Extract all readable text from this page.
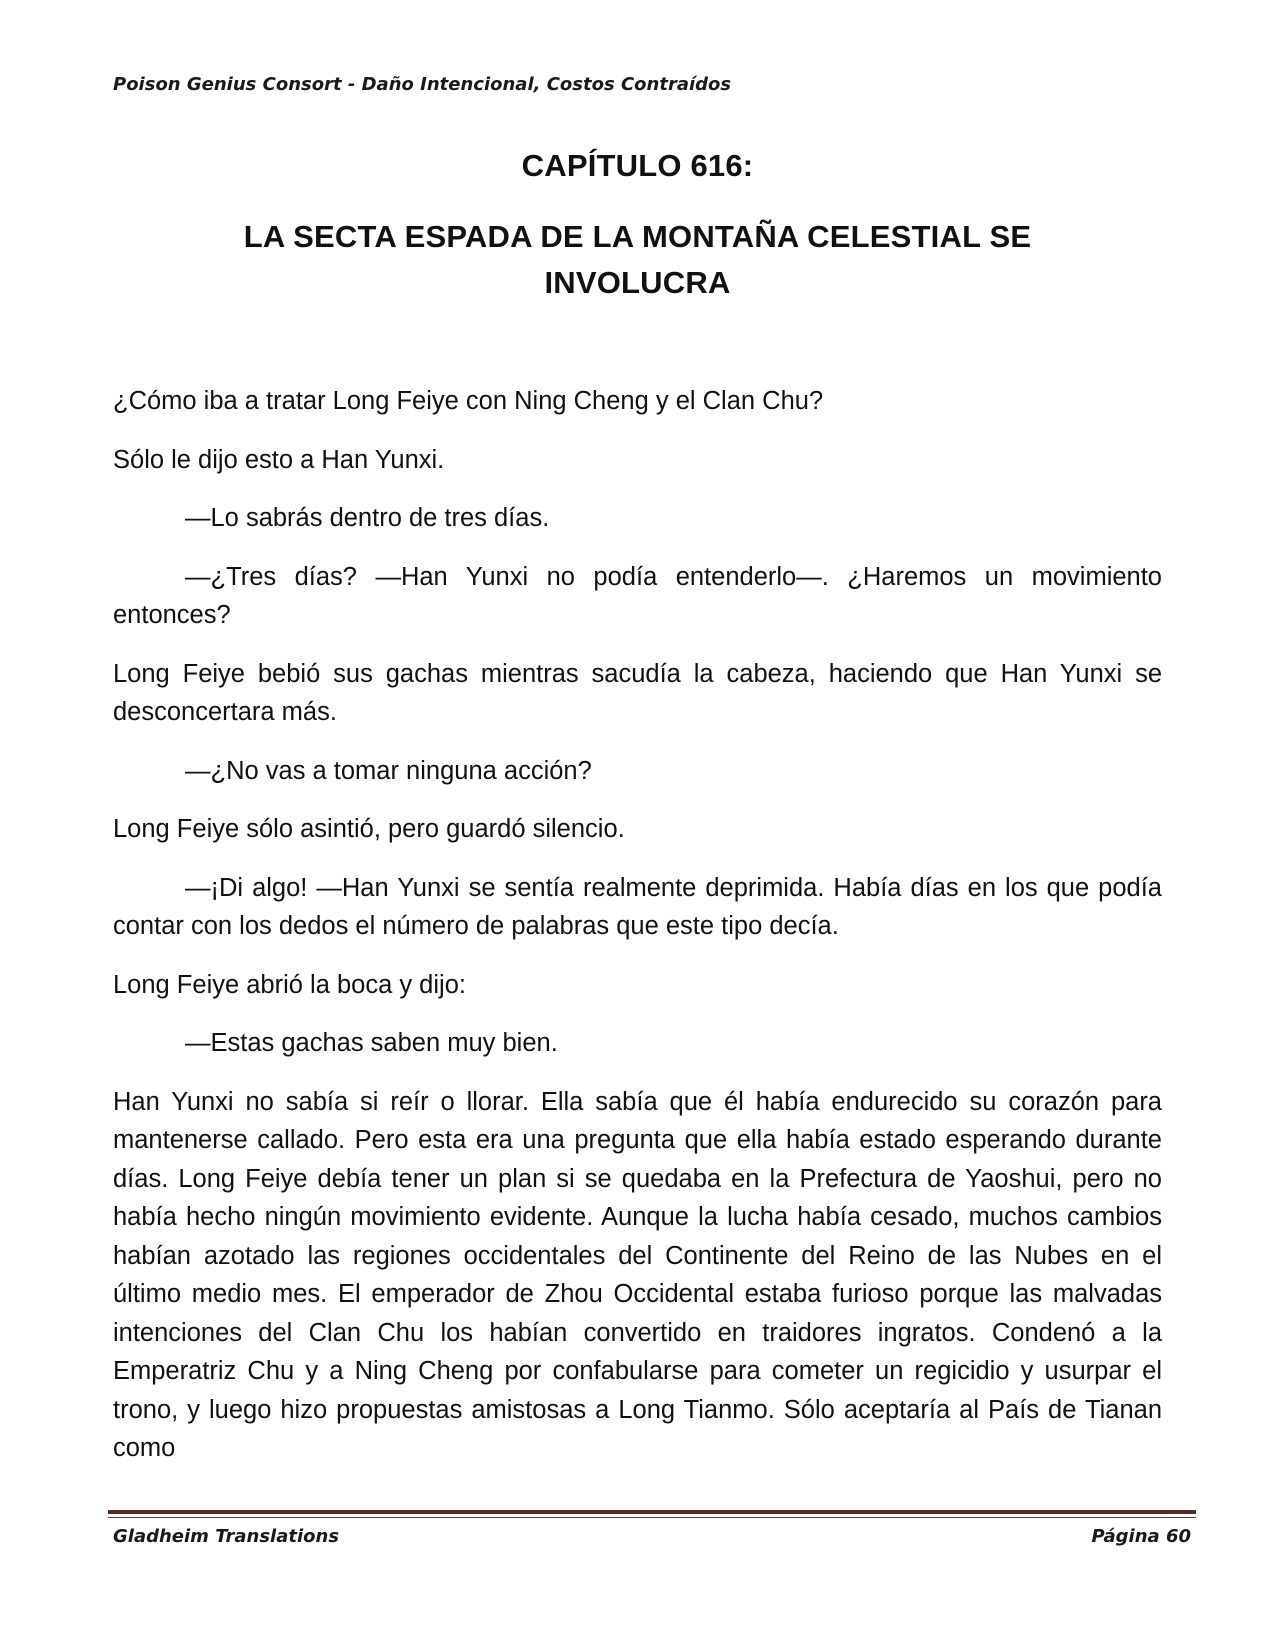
Poison Genius Consort - Daño Intencional, Costos Contraídos
CAPÍTULO 616:
LA SECTA ESPADA DE LA MONTAÑA CELESTIAL SE INVOLUCRA

¿Cómo iba a tratar Long Feiye con Ning Cheng y el Clan Chu?

Sólo le dijo esto a Han Yunxi.

—Lo sabrás dentro de tres días.

—¿Tres días? —Han Yunxi no podía entenderlo—. ¿Haremos un movimiento entonces?

Long Feiye bebió sus gachas mientras sacudía la cabeza, haciendo que Han Yunxi se desconcertara más.

—¿No vas a tomar ninguna acción?

Long Feiye sólo asintió, pero guardó silencio.

—¡Di algo! —Han Yunxi se sentía realmente deprimida. Había días en los que podía contar con los dedos el número de palabras que este tipo decía.

Long Feiye abrió la boca y dijo:

—Estas gachas saben muy bien.

Han Yunxi no sabía si reír o llorar. Ella sabía que él había endurecido su corazón para mantenerse callado. Pero esta era una pregunta que ella había estado esperando durante días. Long Feiye debía tener un plan si se quedaba en la Prefectura de Yaoshui, pero no había hecho ningún movimiento evidente. Aunque la lucha había cesado, muchos cambios habían azotado las regiones occidentales del Continente del Reino de las Nubes en el último medio mes. El emperador de Zhou Occidental estaba furioso porque las malvadas intenciones del Clan Chu los habían convertido en traidores ingratos. Condenó a la Emperatriz Chu y a Ning Cheng por confabularse para cometer un regicidio y usurpar el trono, y luego hizo propuestas amistosas a Long Tianmo. Sólo aceptaría al País de Tianan como

Gladheim Translations	Página 60
